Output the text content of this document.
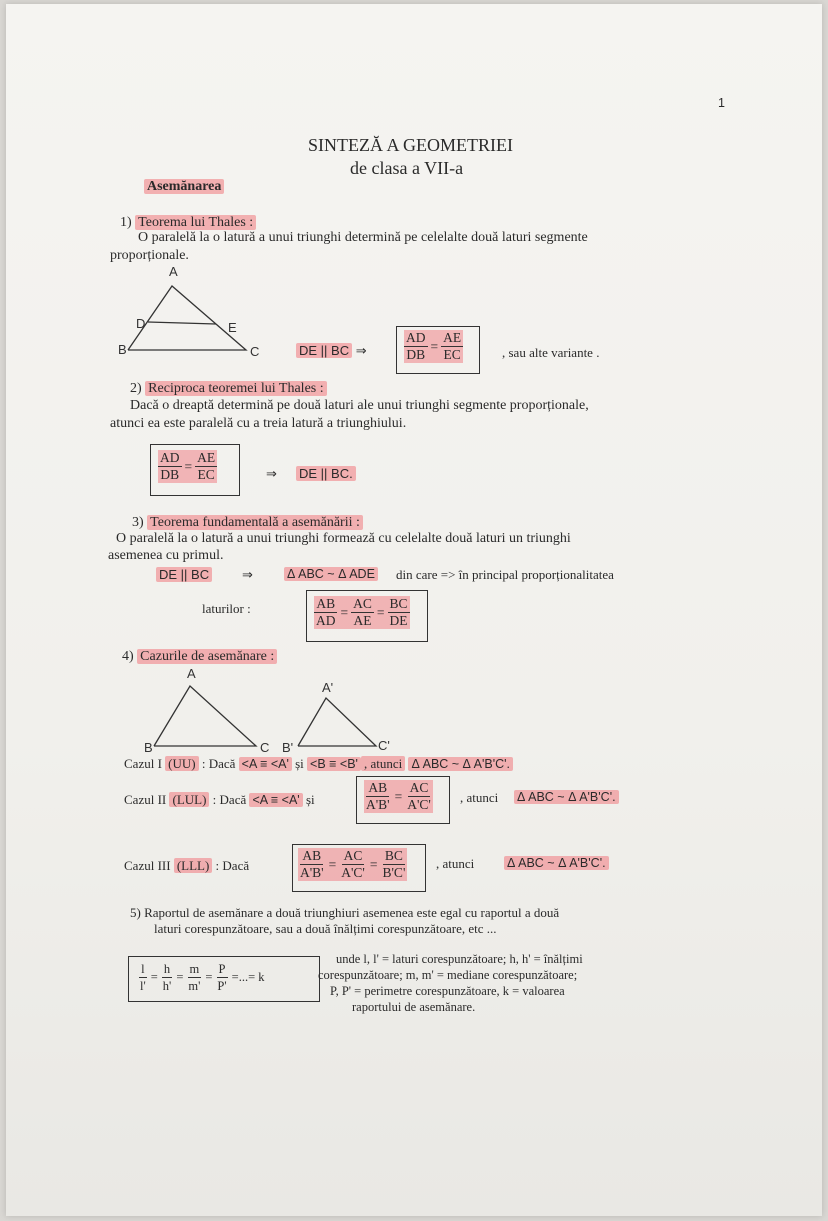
1
SINTEZĂ A GEOMETRIEI
de clasa a VII-a
Asemănarea
1) Teorema lui Thales :
O paralelă la o latură a unui triunghi determină pe celelalte două laturi segmente
proporționale.
A
D	E
B	C	DE || BC ⇒	$\frac{AD}{DB} = \frac{AE}{EC}$	, sau alte variante .
2) Reciproca teoremei lui Thales :
Dacă o dreaptă determină pe două laturi ale unui triunghi segmente proporționale,
atunci ea este paralelă cu a treia latură a triunghiului.
$\frac{AD}{DB} = \frac{AE}{EC}$	⇒ DE || BC.
3) Teorema fundamentală a asemănării :
O paralelă la o latură a unui triunghi formează cu celelalte două laturi un triunghi
asemenea cu primul.
DE || BC	⇒	Δ ABC ~ Δ ADE din care => în principal proporționalitatea
laturilor :	$\frac{AB}{AD} = \frac{AC}{AE} = \frac{BC}{DE}$
4) Cazurile de asemănare :
A
B	C
A'
B'	C'
Cazul I (UU) : Dacă <A ≡ <A' și <B ≡ <B' , atunci Δ ABC ~ Δ A'B'C'.
Cazul II (LUL) : Dacă <A ≡ <A' și	$\frac{AB}{A'B'} = \frac{AC}{A'C'}$ , atunci Δ ABC ~ Δ A'B'C'.
Cazul III (LLL) : Dacă	$\frac{AB}{A'B'} = \frac{AC}{A'C'} = \frac{BC}{B'C'}$ , atunci	Δ ABC ~ Δ A'B'C'.
5) Raportul de asemănare a două triunghiuri asemenea este egal cu raportul a două
laturi corespunzătoare, sau a două înălțimi corespunzătoare, etc ...
$\frac{l}{l'} = \frac{h}{h'} = \frac{m}{m'} = \frac{P}{P'}$ =...= k
unde l, l' = laturi corespunzătoare; h, h' = înălțimi
corespunzătoare; m, m' = mediane corespunzătoare;
P, P' = perimetre corespunzătoare, k = valoarea
raportului de asemănare.
